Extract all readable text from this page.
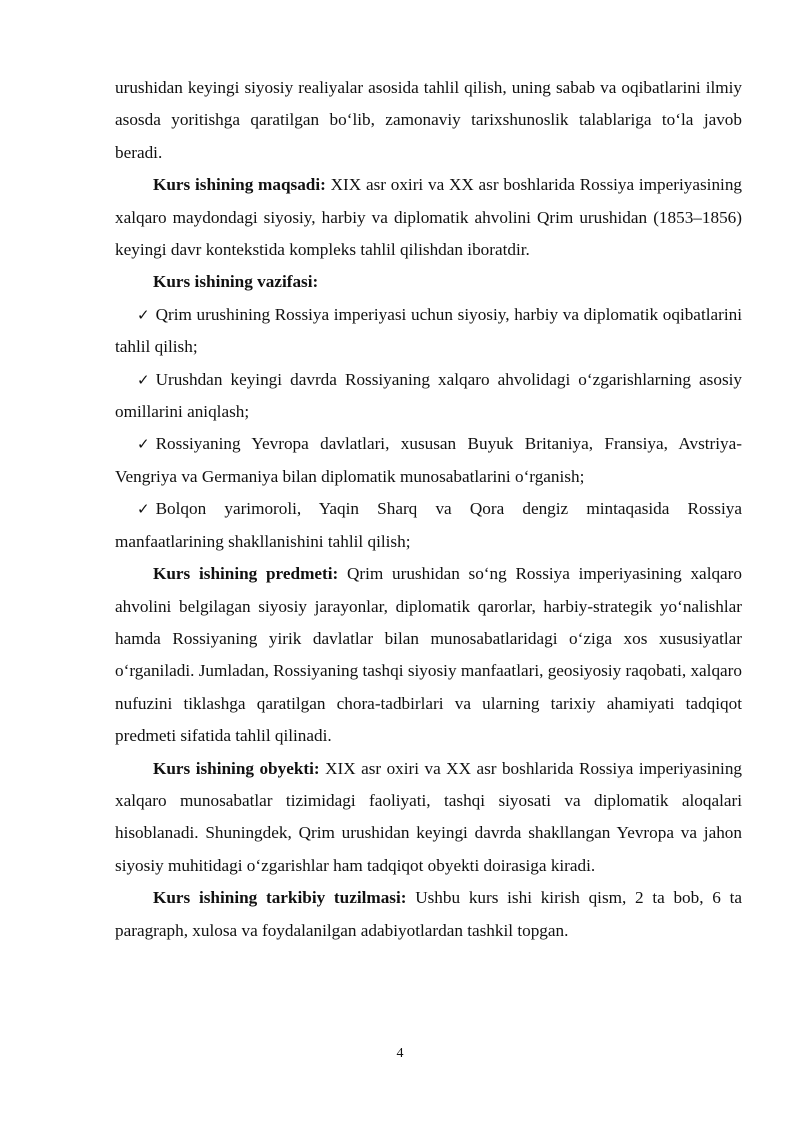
urushidan keyingi siyosiy realiyalar asosida tahlil qilish, uning sabab va oqibatlarini ilmiy asosda yoritishga qaratilgan bo‘lib, zamonaviy tarixshunoslik talablariga to‘la javob beradi.

Kurs ishining maqsadi: XIX asr oxiri va XX asr boshlarida Rossiya imperiyasining xalqaro maydondagi siyosiy, harbiy va diplomatik ahvolini Qrim urushidan (1853–1856) keyingi davr kontekstida kompleks tahlil qilishdan iboratdir.

Kurs ishining vazifasi:

✓ Qrim urushining Rossiya imperiyasi uchun siyosiy, harbiy va diplomatik oqibatlarini tahlil qilish;

✓ Urushdan keyingi davrda Rossiyaning xalqaro ahvolidagi o‘zgarishlarning asosiy omillarini aniqlash;

✓ Rossiyaning Yevropa davlatlari, xususan Buyuk Britaniya, Fransiya, Avstriya-Vengriya va Germaniya bilan diplomatik munosabatlarini o‘rganish;

✓ Bolqon yarimoroli, Yaqin Sharq va Qora dengiz mintaqasida Rossiya manfaatlarining shakllanishini tahlil qilish;

Kurs ishining predmeti: Qrim urushidan so‘ng Rossiya imperiyasining xalqaro ahvolini belgilagan siyosiy jarayonlar, diplomatik qarorlar, harbiy-strategik yo‘nalishlar hamda Rossiyaning yirik davlatlar bilan munosabatlaridagi o‘ziga xos xususiyatlar o‘rganiladi. Jumladan, Rossiyaning tashqi siyosiy manfaatlari, geosiyosiy raqobati, xalqaro nufuzini tiklashga qaratilgan chora-tadbirlari va ularning tarixiy ahamiyati tadqiqot predmeti sifatida tahlil qilinadi.

Kurs ishining obyekti: XIX asr oxiri va XX asr boshlarida Rossiya imperiyasining xalqaro munosabatlar tizimidagi faoliyati, tashqi siyosati va diplomatik aloqalari hisoblanadi. Shuningdek, Qrim urushidan keyingi davrda shakllangan Yevropa va jahon siyosiy muhitidagi o‘zgarishlar ham tadqiqot obyekti doirasiga kiradi.

Kurs ishining tarkibiy tuzilmasi: Ushbu kurs ishi kirish qism, 2 ta bob, 6 ta paragraph, xulosa va foydalanilgan adabiyotlardan tashkil topgan.

4
